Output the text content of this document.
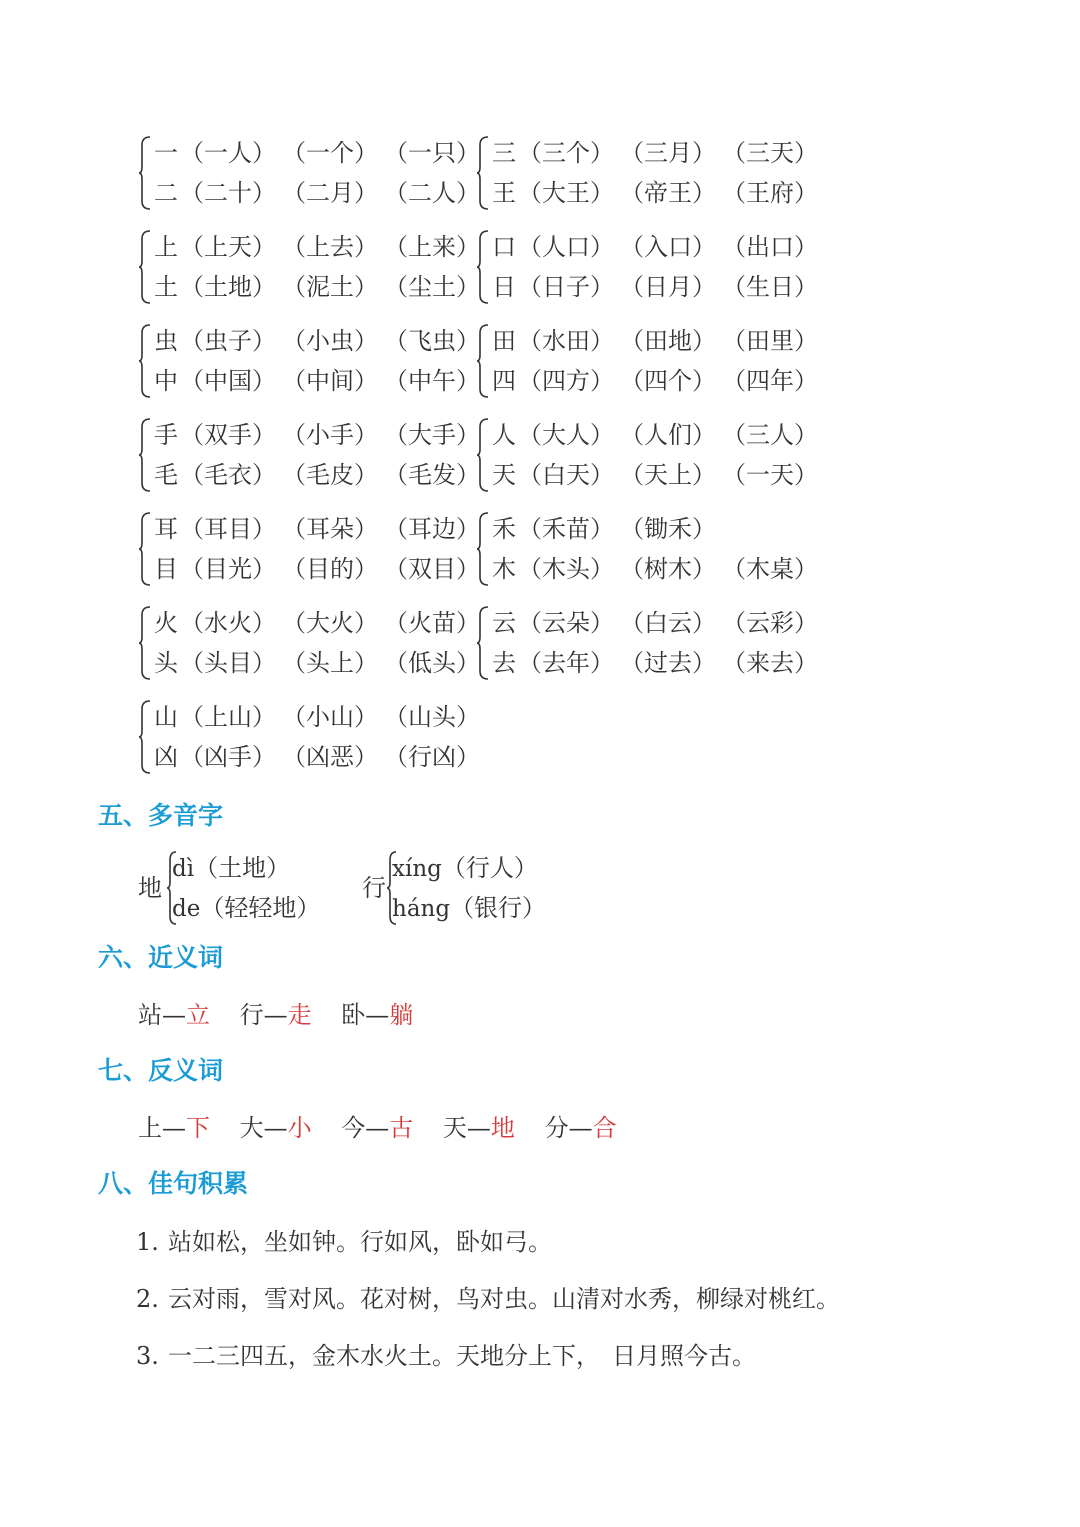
一（一人） （一个） （一只）
二（二十） （二月） （二人）
三（三个） （三月） （三天）
王（大王） （帝王） （王府）
上（上天） （上去） （上来）
土（土地） （泥土） （尘土）
口（人口） （入口） （出口）
日（日子） （日月） （生日）
虫（虫子） （小虫） （飞虫）
中（中国） （中间） （中午）
田（水田） （田地） （田里）
四（四方） （四个） （四年）
手（双手） （小手） （大手）
毛（毛衣） （毛皮） （毛发）
人（大人） （人们） （三人）
天（白天） （天上） （一天）
耳（耳目） （耳朵） （耳边）
目（目光） （目的） （双目）
禾（禾苗） （锄禾）
木（木头） （树木） （木桌）
火（水火） （大火） （火苗）
头（头目） （头上） （低头）
云（云朵） （白云） （云彩）
去（去年） （过去） （来去）
山（上山） （小山） （山头）
凶（凶手） （凶恶） （行凶）
五、多音字
地
dì（土地）
de（轻轻地）
行
xíng（行人）
háng（银行）
六、近义词
站—立 行—走 卧—躺
七、反义词
上—下 大—小 今—古 天—地 分—合
八、佳句积累
1. 站如松，坐如钟。行如风，卧如弓。
2. 云对雨，雪对风。花对树，鸟对虫。山清对水秀，柳绿对桃红。
3. 一二三四五，金木水火土。天地分上下，　日月照今古。
